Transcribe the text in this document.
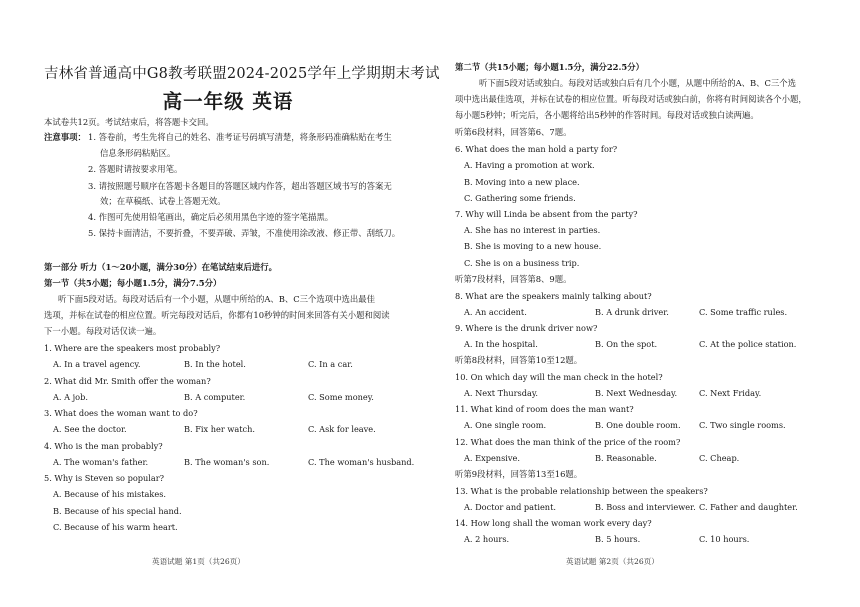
吉林省普通高中G8教考联盟2024-2025学年上学期期末考试
高一年级 英语
本试卷共12页。考试结束后，将答题卡交回。
注意事项： 1. 答卷前，考生先将自己的姓名、准考证号码填写清楚，将条形码准确粘贴在考生
信息条形码粘贴区。
2. 答题时请按要求用笔。
3. 请按照题号顺序在答题卡各题目的答题区域内作答，超出答题区域书写的答案无
效；在草稿纸、试卷上答题无效。
4. 作图可先使用铅笔画出，确定后必须用黑色字迹的签字笔描黑。
5. 保持卡面清洁，不要折叠，不要弄破、弄皱，不准使用涂改液、修正带、刮纸刀。
第一部分 听力（1～20小题，满分30分）在笔试结束后进行。
第一节（共5小题；每小题1.5分，满分7.5分）
听下面5段对话。每段对话后有一个小题，从题中所给的A、B、C三个选项中选出最佳
选项，并标在试卷的相应位置。听完每段对话后，你都有10秒钟的时间来回答有关小题和阅读
下一小题。每段对话仅读一遍。
1. Where are the speakers most probably?
A. In a travel agency.	B. In the hotel.	C. In a car.
2. What did Mr. Smith offer the woman?
A. A job.	B. A computer.	C. Some money.
3. What does the woman want to do?
A. See the doctor.	B. Fix her watch.	C. Ask for leave.
4. Who is the man probably?
A. The woman's father.	B. The woman's son.	C. The woman's husband.
5. Why is Steven so popular?
A. Because of his mistakes.
B. Because of his special hand.
C. Because of his warm heart.
英语试题 第1页（共26页）
第二节（共15小题；每小题1.5分，满分22.5分）
听下面5段对话或独白。每段对话或独白后有几个小题，从题中所给的A、B、C三个选
项中选出最佳选项，并标在试卷的相应位置。听每段对话或独白前，你将有时间阅读各个小题，
每小题5秒钟；听完后，各小题将给出5秒钟的作答时间。每段对话或独白读两遍。
听第6段材料，回答第6、7题。
6. What does the man hold a party for?
A. Having a promotion at work.
B. Moving into a new place.
C. Gathering some friends.
7. Why will Linda be absent from the party?
A. She has no interest in parties.
B. She is moving to a new house.
C. She is on a business trip.
听第7段材料，回答第8、9题。
8. What are the speakers mainly talking about?
A. An accident.	B. A drunk driver.	C. Some traffic rules.
9. Where is the drunk driver now?
A. In the hospital.	B. On the spot.	C. At the police station.
听第8段材料，回答第10至12题。
10. On which day will the man check in the hotel?
A. Next Thursday.	B. Next Wednesday.	C. Next Friday.
11. What kind of room does the man want?
A. One single room.	B. One double room. C. Two single rooms.
12. What does the man think of the price of the room?
A. Expensive.	B. Reasonable.	C. Cheap.
听第9段材料，回答第13至16题。
13. What is the probable relationship between the speakers?
A. Doctor and patient.	B. Boss and interviewer. C. Father and daughter.
14. How long shall the woman work every day?
A. 2 hours.	B. 5 hours.	C. 10 hours.
英语试题 第2页（共26页）
